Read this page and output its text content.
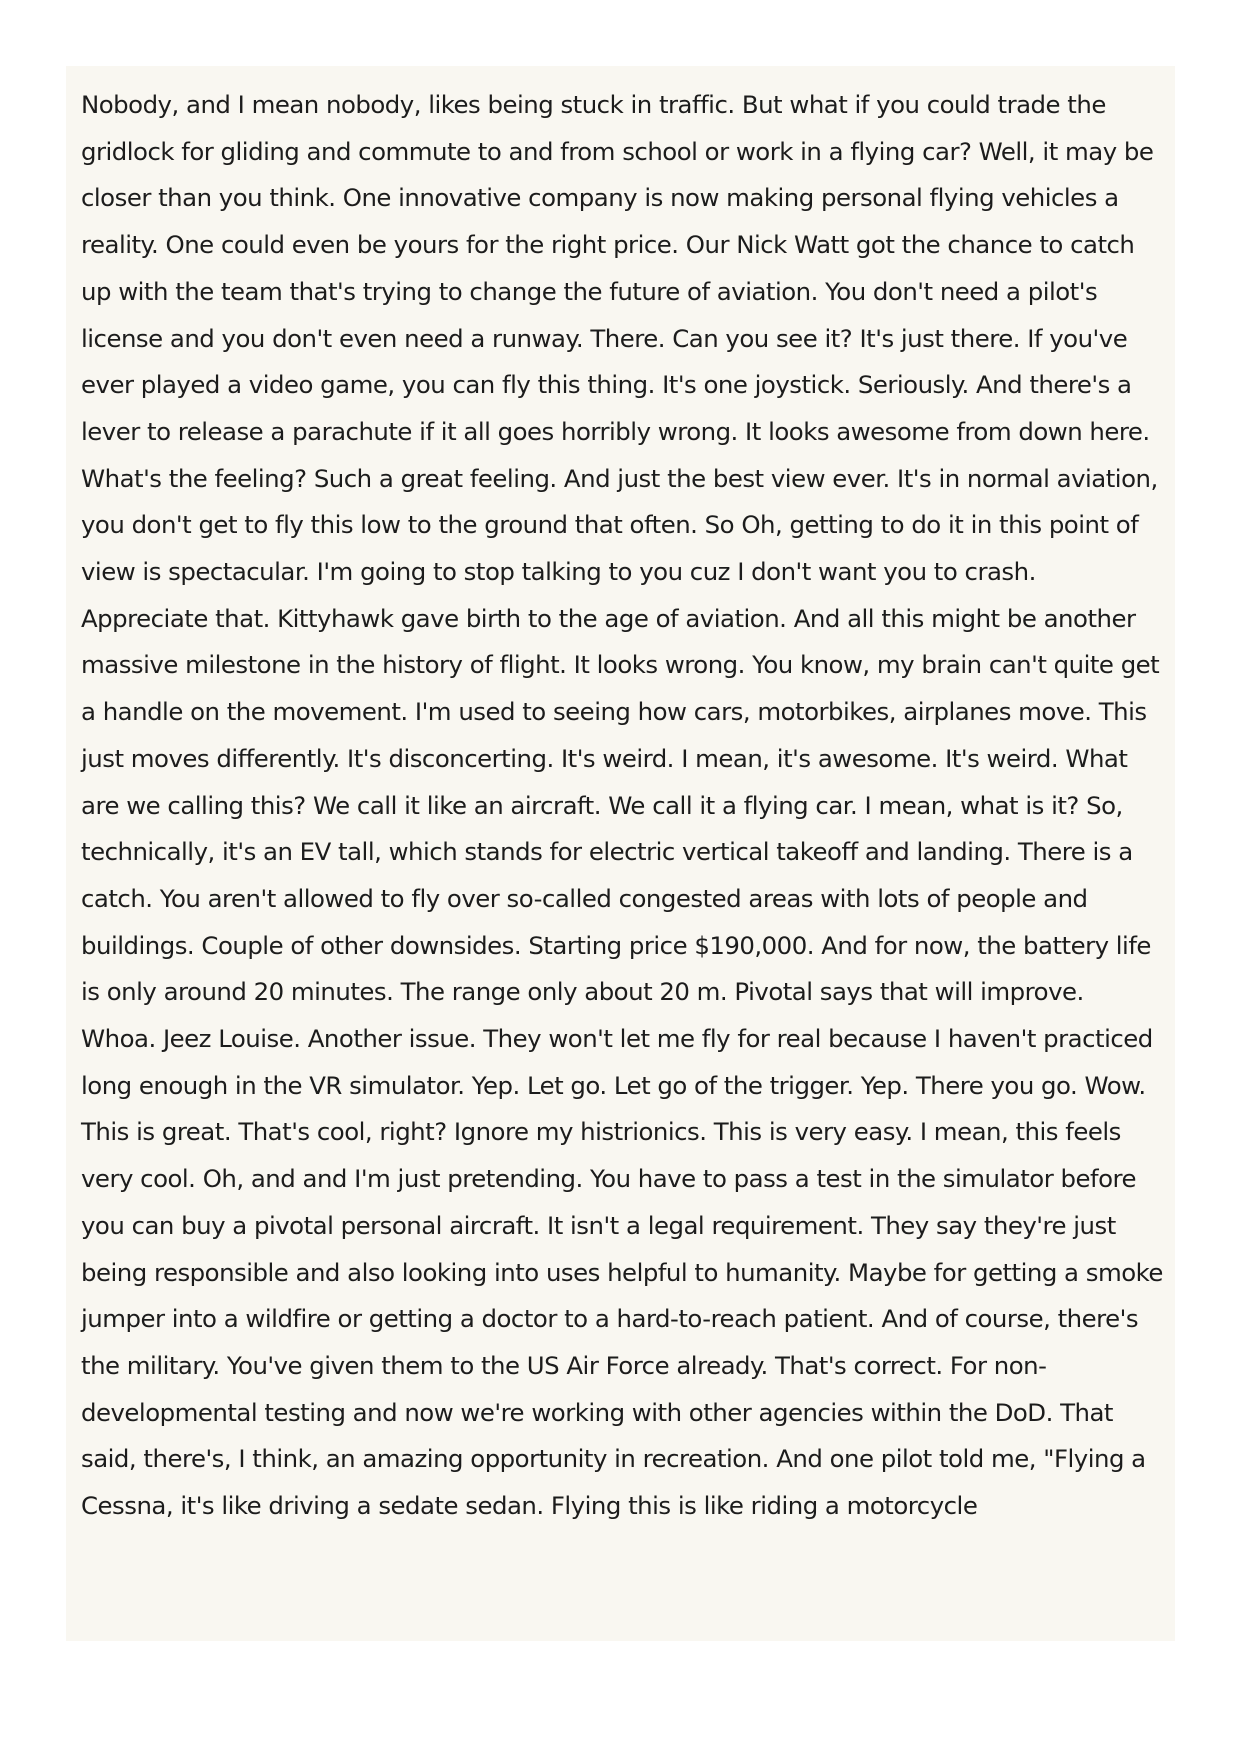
Nobody, and I mean nobody, likes being stuck in traffic. But what if you could trade the gridlock for gliding and commute to and from school or work in a flying car? Well, it may be closer than you think. One innovative company is now making personal flying vehicles a reality. One could even be yours for the right price. Our Nick Watt got the chance to catch up with the team that's trying to change the future of aviation. You don't need a pilot's license and you don't even need a runway. There. Can you see it? It's just there. If you've ever played a video game, you can fly this thing. It's one joystick. Seriously. And there's a lever to release a parachute if it all goes horribly wrong. It looks awesome from down here. What's the feeling? Such a great feeling. And just the best view ever. It's in normal aviation, you don't get to fly this low to the ground that often. So Oh, getting to do it in this point of view is spectacular. I'm going to stop talking to you cuz I don't want you to crash. Appreciate that. Kittyhawk gave birth to the age of aviation. And all this might be another massive milestone in the history of flight. It looks wrong. You know, my brain can't quite get a handle on the movement. I'm used to seeing how cars, motorbikes, airplanes move. This just moves differently. It's disconcerting. It's weird. I mean, it's awesome. It's weird. What are we calling this? We call it like an aircraft. We call it a flying car. I mean, what is it? So, technically, it's an EV tall, which stands for electric vertical takeoff and landing. There is a catch. You aren't allowed to fly over so-called congested areas with lots of people and buildings. Couple of other downsides. Starting price $190,000. And for now, the battery life is only around 20 minutes. The range only about 20 m. Pivotal says that will improve. Whoa. Jeez Louise. Another issue. They won't let me fly for real because I haven't practiced long enough in the VR simulator. Yep. Let go. Let go of the trigger. Yep. There you go. Wow. This is great. That's cool, right? Ignore my histrionics. This is very easy. I mean, this feels very cool. Oh, and and I'm just pretending. You have to pass a test in the simulator before you can buy a pivotal personal aircraft. It isn't a legal requirement. They say they're just being responsible and also looking into uses helpful to humanity. Maybe for getting a smoke jumper into a wildfire or getting a doctor to a hard-to-reach patient. And of course, there's the military. You've given them to the US Air Force already. That's correct. For non-developmental testing and now we're working with other agencies within the DoD. That said, there's, I think, an amazing opportunity in recreation. And one pilot told me, "Flying a Cessna, it's like driving a sedate sedan. Flying this is like riding a motorcycle
